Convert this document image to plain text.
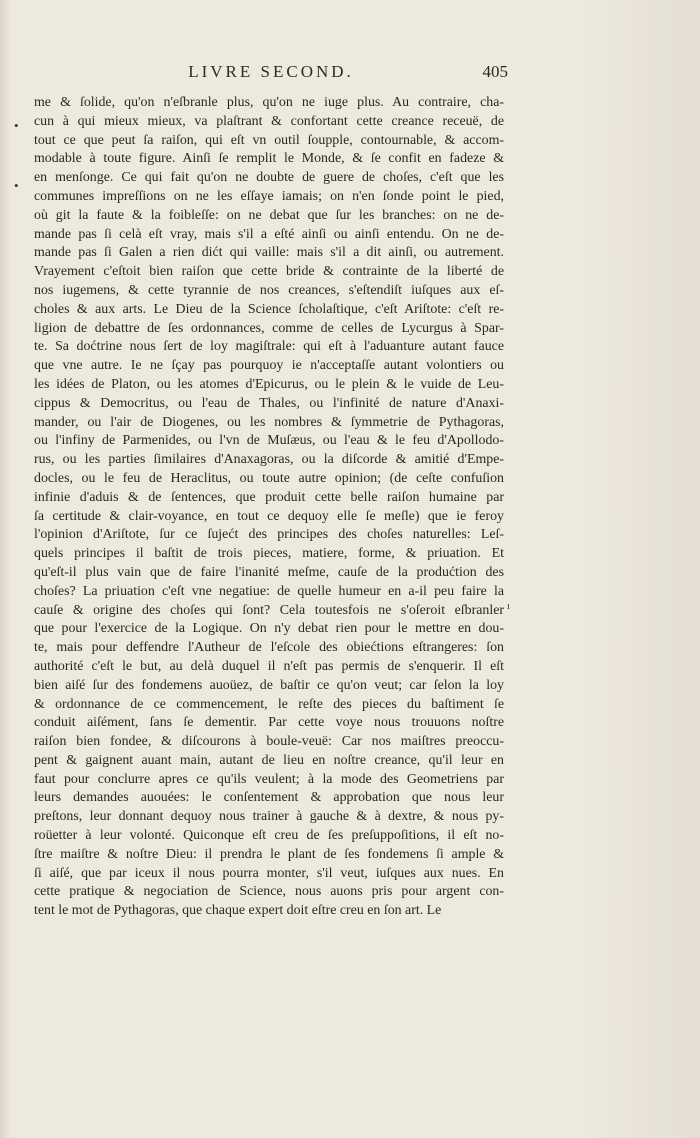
LIVRE SECOND.	405
•
•
ı
me & ſolide, qu'on n'eſbranle plus, qu'on ne iuge plus. Au contraire, cha-
cun à qui mieux mieux, va plaſtrant & confortant cette creance receuë, de
tout ce que peut ſa raiſon, qui eſt vn outil ſoupple, contournable, & accom-
modable à toute figure. Ainſi ſe remplit le Monde, & ſe confit en fadeze &
en menſonge. Ce qui fait qu'on ne doubte de guere de choſes, c'eſt que les
communes impreſſions on ne les eſſaye iamais; on n'en ſonde point le pied,
où git la faute & la foibleſſe: on ne debat que ſur les branches: on ne de-
mande pas ſi celà eſt vray, mais s'il a eſté ainſi ou ainſi entendu. On ne de-
mande pas ſi Galen a rien dićt qui vaille: mais s'il a dit ainſi, ou autrement.
Vrayement c'eſtoit bien raiſon que cette bride & contrainte de la liberté de
nos iugemens, & cette tyrannie de nos creances, s'eſtendiſt iuſques aux eſ-
choles & aux arts. Le Dieu de la Science ſcholaſtique, c'eſt Ariſtote: c'eſt re-
ligion de debattre de ſes ordonnances, comme de celles de Lycurgus à Spar-
te. Sa doćtrine nous ſert de loy magiſtrale: qui eſt à l'aduanture autant fauce
que vne autre. Ie ne ſçay pas pourquoy ie n'acceptaſſe autant volontiers ou
les idées de Platon, ou les atomes d'Epicurus, ou le plein & le vuide de Leu-
cippus & Democritus, ou l'eau de Thales, ou l'infinité de nature d'Anaxi-
mander, ou l'air de Diogenes, ou les nombres & ſymmetrie de Pythagoras,
ou l'infiny de Parmenides, ou l'vn de Muſæus, ou l'eau & le feu d'Apollodo-
rus, ou les parties ſimilaires d'Anaxagoras, ou la diſcorde & amitié d'Empe-
docles, ou le feu de Heraclitus, ou toute autre opinion; (de ceſte confuſion
infinie d'aduis & de ſentences, que produit cette belle raiſon humaine par
ſa certitude & clair-voyance, en tout ce dequoy elle ſe meſle) que ie feroy
l'opinion d'Ariſtote, ſur ce ſujećt des principes des choſes naturelles: Leſ-
quels principes il baſtit de trois pieces, matiere, forme, & priuation. Et
qu'eſt-il plus vain que de faire l'inanité meſme, cauſe de la produćtion des
choſes? La priuation c'eſt vne negatiue: de quelle humeur en a-il peu faire la
cauſe & origine des choſes qui ſont? Cela toutesfois ne s'oſeroit eſbranler
que pour l'exercice de la Logique. On n'y debat rien pour le mettre en dou-
te, mais pour deffendre l'Autheur de l'eſcole des obiećtions eſtrangeres: ſon
authorité c'eſt le but, au delà duquel il n'eſt pas permis de s'enquerir. Il eſt
bien aiſé ſur des fondemens auoüez, de baſtir ce qu'on veut; car ſelon la loy
& ordonnance de ce commencement, le reſte des pieces du baſtiment ſe
conduit aiſément, ſans ſe dementir. Par cette voye nous trouuons noſtre
raiſon bien fondee, & diſcourons à boule-veuë: Car nos maiſtres preoccu-
pent & gaignent auant main, autant de lieu en noſtre creance, qu'il leur en
faut pour conclurre apres ce qu'ils veulent; à la mode des Geometriens par
leurs demandes auouées: le conſentement & approbation que nous leur
preſtons, leur donnant dequoy nous trainer à gauche & à dextre, & nous py-
roüetter à leur volonté. Quiconque eſt creu de ſes preſuppoſitions, il eſt no-
ſtre maiſtre & noſtre Dieu: il prendra le plant de ſes fondemens ſi ample &
ſi aiſé, que par iceux il nous pourra monter, s'il veut, iuſques aux nues. En
cette pratique & negociation de Science, nous auons pris pour argent con-
tent le mot de Pythagoras, que chaque expert doit eſtre creu en ſon art. Le
